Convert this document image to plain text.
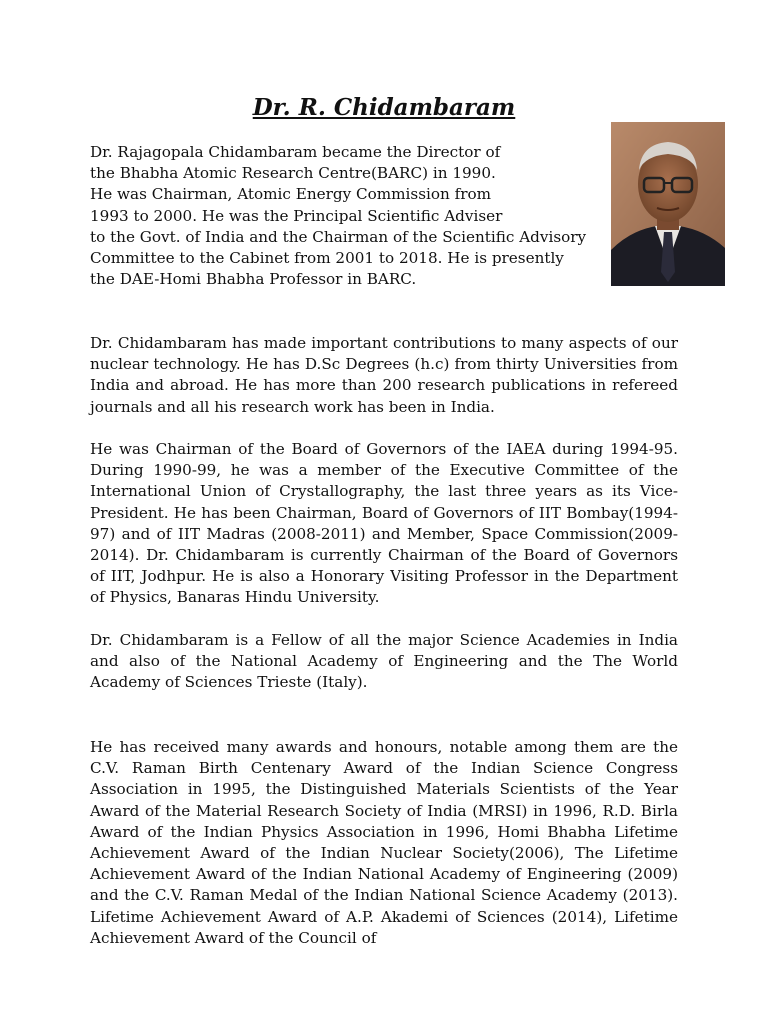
Dr. R. Chidambaram
Dr. Rajagopala Chidambaram became the Director of
the Bhabha Atomic Research Centre(BARC) in 1990.
He was Chairman, Atomic Energy Commission from
1993 to 2000. He was the Principal Scientific Adviser
to the Govt. of India and the Chairman of the Scientific Advisory
Committee to the Cabinet from 2001 to 2018. He is presently
the DAE-Homi Bhabha Professor in BARC.

Dr. Chidambaram has made important contributions to many aspects of our nuclear technology. He has D.Sc Degrees (h.c) from thirty Universities from India and abroad. He has more than 200 research publications in refereed journals and all his research work has been in India.

He was Chairman of the Board of Governors of the IAEA during 1994-95. During 1990-99, he was a member of the Executive Committee of the International Union of Crystallography, the last three years as its Vice-President. He has been Chairman, Board of Governors of IIT Bombay(1994-97) and of IIT Madras (2008-2011) and Member, Space Commission(2009-2014). Dr. Chidambaram is currently Chairman of the Board of Governors of IIT, Jodhpur. He is also a Honorary Visiting Professor in the Department of Physics, Banaras Hindu University.

Dr. Chidambaram is a Fellow of all the major Science Academies in India and also of the National Academy of Engineering and the The World Academy of Sciences Trieste (Italy).

He has received many awards and honours, notable among them are the C.V. Raman Birth Centenary Award of the Indian Science Congress Association in 1995, the Distinguished Materials Scientists of the Year Award of the Material Research Society of India (MRSI) in 1996, R.D. Birla Award of the Indian Physics Association in 1996, Homi Bhabha Lifetime Achievement Award of the Indian Nuclear Society(2006), The Lifetime Achievement Award of the Indian National Academy of Engineering (2009) and the C.V. Raman Medal of the Indian National Science Academy (2013). Lifetime Achievement Award of A.P. Akademi of Sciences (2014), Lifetime Achievement Award of the Council of
